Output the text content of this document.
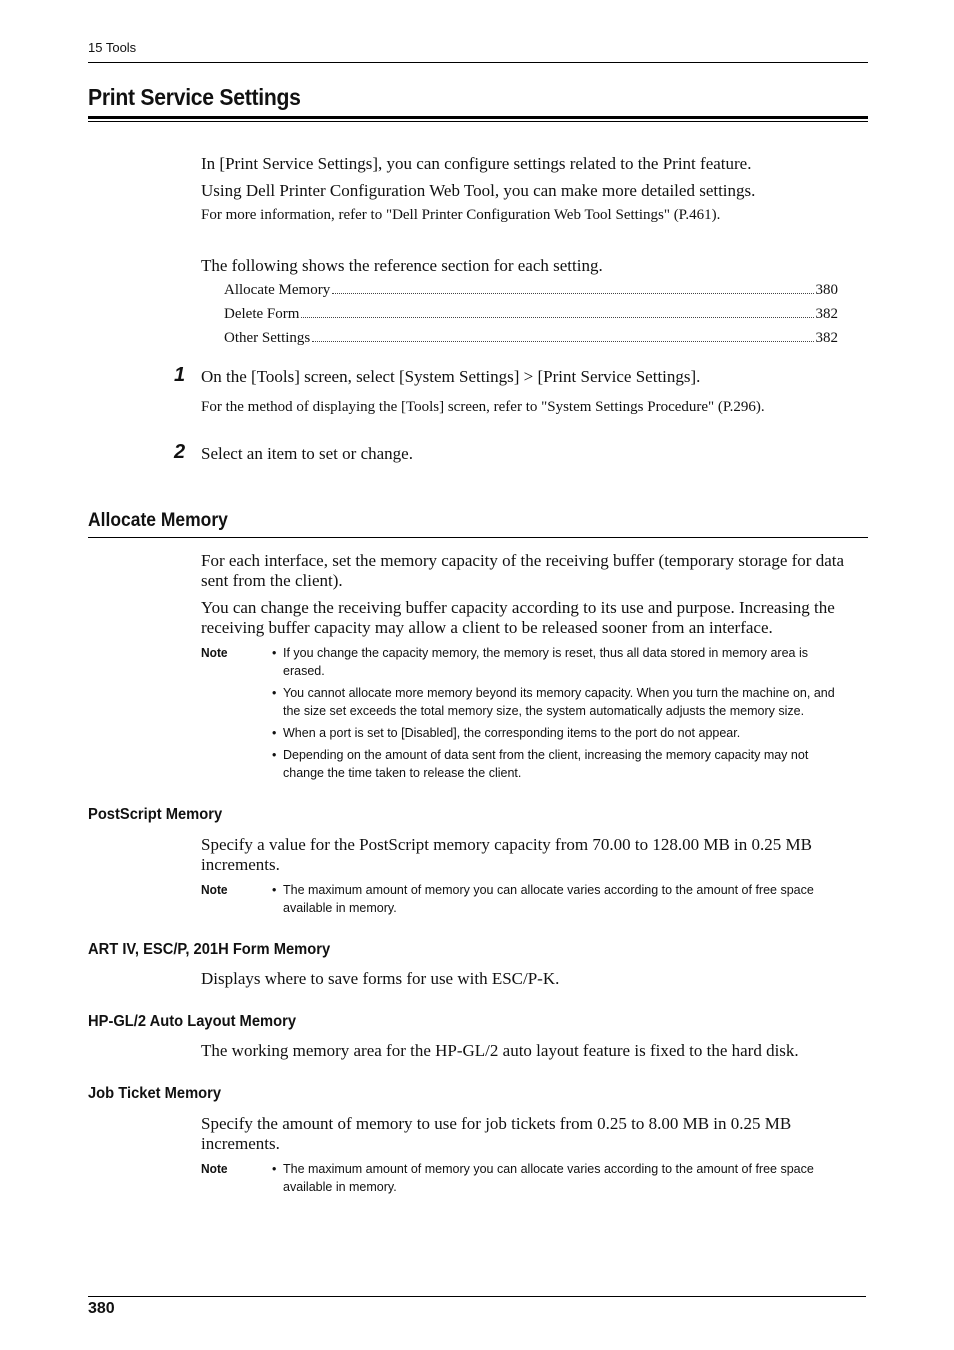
15 Tools
Print Service Settings
In [Print Service Settings], you can configure settings related to the Print feature.
Using Dell Printer Configuration Web Tool, you can make more detailed settings.
For more information, refer to "Dell Printer Configuration Web Tool Settings" (P.461).
The following shows the reference section for each setting.
Allocate Memory	380
Delete Form	382
Other Settings	382
1 On the [Tools] screen, select [System Settings] > [Print Service Settings].
For the method of displaying the [Tools] screen, refer to "System Settings Procedure" (P.296).
2 Select an item to set or change.
Allocate Memory
For each interface, set the memory capacity of the receiving buffer (temporary storage for data sent from the client).
You can change the receiving buffer capacity according to its use and purpose. Increasing the receiving buffer capacity may allow a client to be released sooner from an interface.
Note	• If you change the capacity memory, the memory is reset, thus all data stored in memory area is erased.
• You cannot allocate more memory beyond its memory capacity. When you turn the machine on, and the size set exceeds the total memory size, the system automatically adjusts the memory size.
• When a port is set to [Disabled], the corresponding items to the port do not appear.
• Depending on the amount of data sent from the client, increasing the memory capacity may not change the time taken to release the client.
PostScript Memory
Specify a value for the PostScript memory capacity from 70.00 to 128.00 MB in 0.25 MB increments.
Note	• The maximum amount of memory you can allocate varies according to the amount of free space available in memory.
ART IV, ESC/P, 201H Form Memory
Displays where to save forms for use with ESC/P-K.
HP-GL/2 Auto Layout Memory
The working memory area for the HP-GL/2 auto layout feature is fixed to the hard disk.
Job Ticket Memory
Specify the amount of memory to use for job tickets from 0.25 to 8.00 MB in 0.25 MB increments.
Note	• The maximum amount of memory you can allocate varies according to the amount of free space available in memory.
380
